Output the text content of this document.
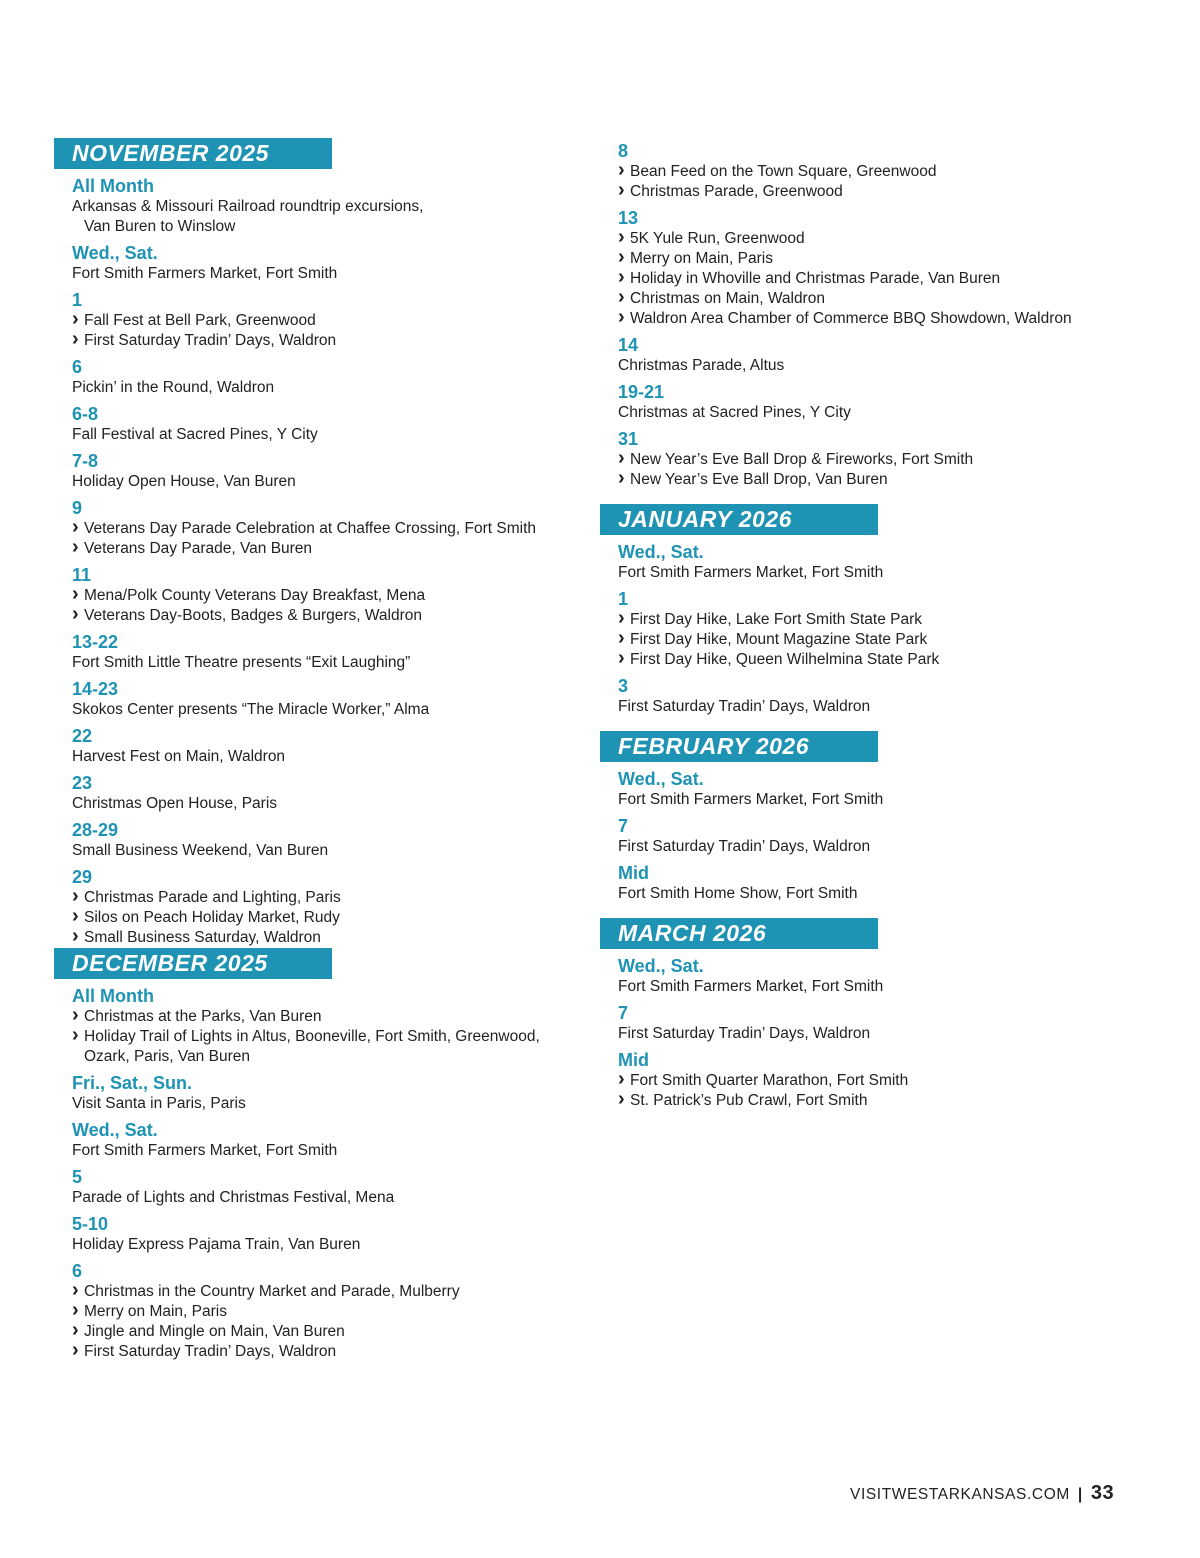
NOVEMBER 2025
All Month
Arkansas & Missouri Railroad roundtrip excursions,
Van Buren to Winslow
Wed., Sat.
Fort Smith Farmers Market, Fort Smith
1
› Fall Fest at Bell Park, Greenwood
› First Saturday Tradin’ Days, Waldron
6
Pickin’ in the Round, Waldron
6-8
Fall Festival at Sacred Pines, Y City
7-8
Holiday Open House, Van Buren
9
› Veterans Day Parade Celebration at Chaffee Crossing, Fort Smith
› Veterans Day Parade, Van Buren
11
› Mena/Polk County Veterans Day Breakfast, Mena
› Veterans Day-Boots, Badges & Burgers, Waldron
13-22
Fort Smith Little Theatre presents “Exit Laughing”
14-23
Skokos Center presents “The Miracle Worker,” Alma
22
Harvest Fest on Main, Waldron
23
Christmas Open House, Paris
28-29
Small Business Weekend, Van Buren
29
› Christmas Parade and Lighting, Paris
› Silos on Peach Holiday Market, Rudy
› Small Business Saturday, Waldron
DECEMBER 2025
All Month
› Christmas at the Parks, Van Buren
› Holiday Trail of Lights in Altus, Booneville, Fort Smith, Greenwood,
Ozark, Paris, Van Buren
Fri., Sat., Sun.
Visit Santa in Paris, Paris
Wed., Sat.
Fort Smith Farmers Market, Fort Smith
5
Parade of Lights and Christmas Festival, Mena
5-10
Holiday Express Pajama Train, Van Buren
6
› Christmas in the Country Market and Parade, Mulberry
› Merry on Main, Paris
› Jingle and Mingle on Main, Van Buren
› First Saturday Tradin’ Days, Waldron
8
› Bean Feed on the Town Square, Greenwood
› Christmas Parade, Greenwood
13
› 5K Yule Run, Greenwood
› Merry on Main, Paris
› Holiday in Whoville and Christmas Parade, Van Buren
› Christmas on Main, Waldron
› Waldron Area Chamber of Commerce BBQ Showdown, Waldron
14
Christmas Parade, Altus
19-21
Christmas at Sacred Pines, Y City
31
› New Year’s Eve Ball Drop & Fireworks, Fort Smith
› New Year’s Eve Ball Drop, Van Buren
JANUARY 2026
Wed., Sat.
Fort Smith Farmers Market, Fort Smith
1
› First Day Hike, Lake Fort Smith State Park
› First Day Hike, Mount Magazine State Park
› First Day Hike, Queen Wilhelmina State Park
3
First Saturday Tradin’ Days, Waldron
FEBRUARY 2026
Wed., Sat.
Fort Smith Farmers Market, Fort Smith
7
First Saturday Tradin’ Days, Waldron
Mid
Fort Smith Home Show, Fort Smith
MARCH 2026
Wed., Sat.
Fort Smith Farmers Market, Fort Smith
7
First Saturday Tradin’ Days, Waldron
Mid
› Fort Smith Quarter Marathon, Fort Smith
› St. Patrick’s Pub Crawl, Fort Smith
VISITWESTARKANSAS.COM | 33
